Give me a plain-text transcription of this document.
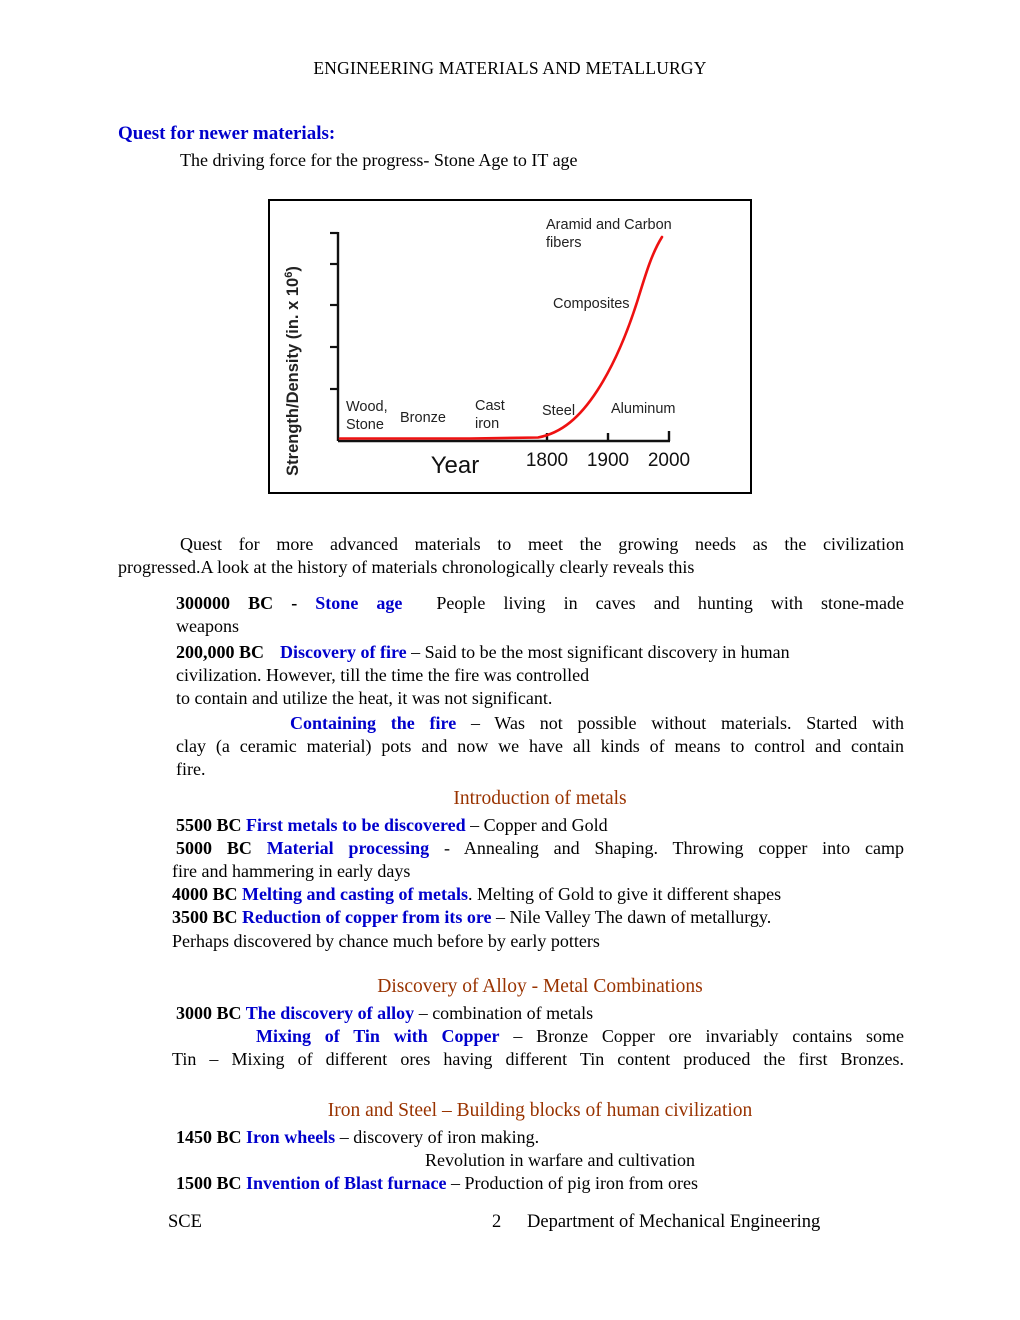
ENGINEERING MATERIALS AND METALLURGY
Quest for newer materials:
The driving force for the progress- Stone Age to IT age
Strength/Density (in. x $10^6$)
Aramid and Carbon
fibers
Composites
Wood,
Stone Bronze
Cast
iron
Steel Aluminum
1800 1900 2000
Year
Quest for more advanced materials to meet the growing needs as the civilization
progressed.A look at the history of materials chronologically clearly reveals this
300000 BC - Stone age People living in caves and hunting with stone-made
weapons
200,000 BC Discovery of fire – Said to be the most significant discovery in human
civilization. However, till the time the fire was controlled
to contain and utilize the heat, it was not significant.
Containing the fire – Was not possible without materials. Started with
clay (a ceramic material) pots and now we have all kinds of means to control and contain
fire.
Introduction of metals
5500 BC First metals to be discovered – Copper and Gold
5000 BC Material processing - Annealing and Shaping. Throwing copper into camp
fire and hammering in early days
4000 BC Melting and casting of metals. Melting of Gold to give it different shapes
3500 BC Reduction of copper from its ore – Nile Valley The dawn of metallurgy.
Perhaps discovered by chance much before by early potters
Discovery of Alloy - Metal Combinations
3000 BC The discovery of alloy – combination of metals
Mixing of Tin with Copper – Bronze Copper ore invariably contains some
Tin – Mixing of different ores having different Tin content produced the first Bronzes.
Iron and Steel – Building blocks of human civilization
1450 BC Iron wheels – discovery of iron making.
Revolution in warfare and cultivation
1500 BC Invention of Blast furnace – Production of pig iron from ores
SCE	2 Department of Mechanical Engineering
